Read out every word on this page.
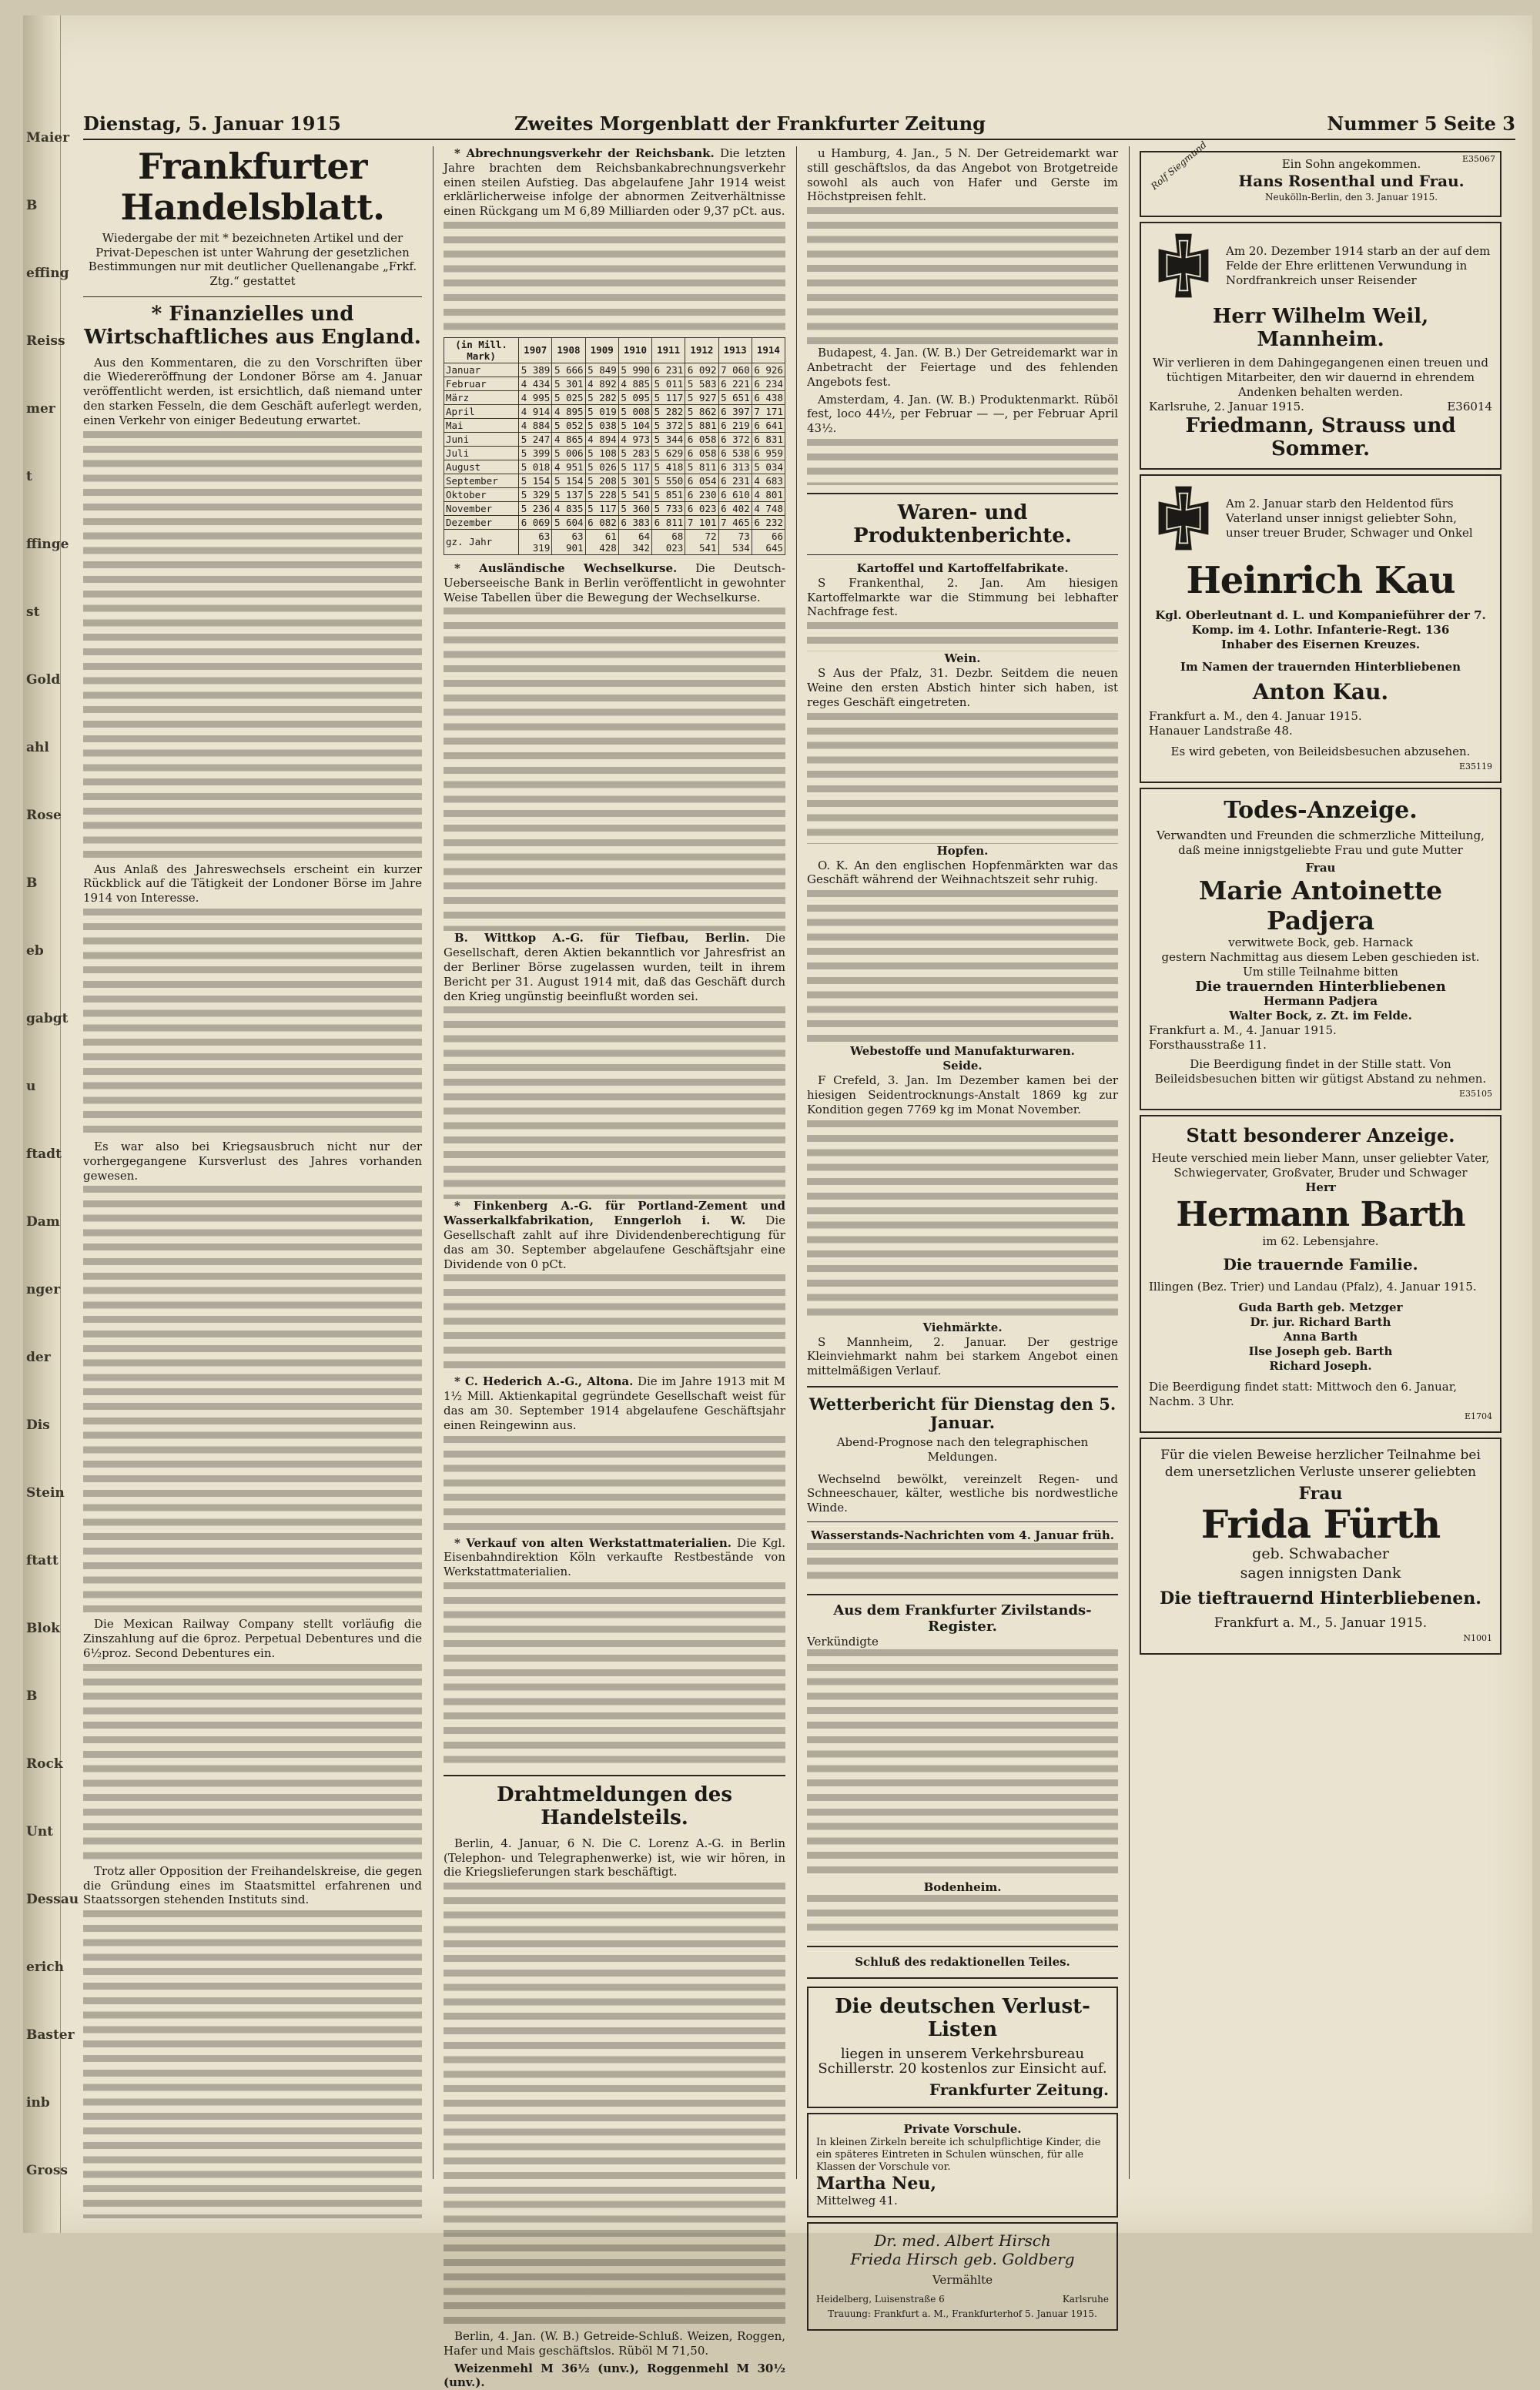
Maier
B
effing
Reiss
mer
t
ffinge
st
Gold
ahl
Rose
B
eb
gabgt
u
ftadt
Dam
nger
der
Dis
Stein
ftatt
Blok
B
Rock
Unt
Dessau
erich
Baster
inb
Gross
Dienstag, 5. Januar 1915	Zweites Morgenblatt der Frankfurter Zeitung	Nummer 5 Seite 3
Frankfurter Handelsblatt.
Wiedergabe der mit * bezeichneten Artikel und der Privat-Depeschen ist unter Wahrung der gesetzlichen Bestimmungen nur mit deutlicher Quellenangabe „Frkf. Ztg.“ gestattet
* Finanzielles und Wirtschaftliches aus England.

Aus den Kommentaren, die zu den Vorschriften über die Wiedereröffnung der Londoner Börse am 4. Januar veröffentlicht werden, ist ersichtlich, daß niemand unter den starken Fesseln, die dem Geschäft auferlegt werden, einen Verkehr von einiger Bedeutung erwartet.

Aus Anlaß des Jahreswechsels erscheint ein kurzer Rückblick auf die Tätigkeit der Londoner Börse im Jahre 1914 von Interesse.

Es war also bei Kriegsausbruch nicht nur der vorhergegangene Kursverlust des Jahres vorhanden gewesen.

Die Mexican Railway Company stellt vorläufig die Zinszahlung auf die 6proz. Perpetual Debentures und die 6½proz. Second Debentures ein.

Trotz aller Opposition der Freihandelskreise, die gegen die Gründung eines im Staatsmittel erfahrenen und Staatssorgen stehenden Instituts sind.

* Abrechnungsverkehr der Reichsbank. Die letzten Jahre brachten dem Reichsbankabrechnungsverkehr einen steilen Aufstieg. Das abgelaufene Jahr 1914 weist erklärlicherweise infolge der abnormen Zeitverhältnisse einen Rückgang um M 6,89 Milliarden oder 9,37 pCt. aus.

(in Mill. Mark)	1907	1908	1909	1910	1911	1912	1913	1914
Januar	5 389	5 666	5 849	5 990	6 231	6 092	7 060	6 926
Februar	4 434	5 301	4 892	4 885	5 011	5 583	6 221	6 234
März	4 995	5 025	5 282	5 095	5 117	5 927	5 651	6 438
April	4 914	4 895	5 019	5 008	5 282	5 862	6 397	7 171
Mai	4 884	5 052	5 038	5 104	5 372	5 881	6 219	6 641
Juni	5 247	4 865	4 894	4 973	5 344	6 058	6 372	6 831
Juli	5 399	5 006	5 108	5 283	5 629	6 058	6 538	6 959
August	5 018	4 951	5 026	5 117	5 418	5 811	6 313	5 034
September	5 154	5 154	5 208	5 301	5 550	6 054	6 231	4 683
Oktober	5 329	5 137	5 228	5 541	5 851	6 230	6 610	4 801
November	5 236	4 835	5 117	5 360	5 733	6 023	6 402	4 748
Dezember	6 069	5 604	6 082	6 383	6 811	7 101	7 465	6 232
gz. Jahr	63 319	63 901	61 428	64 342	68 023	72 541	73 534	66 645

* Ausländische Wechselkurse. Die Deutsch-Ueberseeische Bank in Berlin veröffentlicht in gewohnter Weise Tabellen über die Bewegung der Wechselkurse.

B. Wittkop A.-G. für Tiefbau, Berlin. Die Gesellschaft, deren Aktien bekanntlich vor Jahresfrist an der Berliner Börse zugelassen wurden, teilt in ihrem Bericht per 31. August 1914 mit, daß das Geschäft durch den Krieg ungünstig beeinflußt worden sei.

* Finkenberg A.-G. für Portland-Zement und Wasserkalkfabrikation, Enngerloh i. W. Die Gesellschaft zahlt auf ihre Dividendenberechtigung für das am 30. September abgelaufene Geschäftsjahr eine Dividende von 0 pCt.

* C. Hederich A.-G., Altona. Die im Jahre 1913 mit M 1½ Mill. Aktienkapital gegründete Gesellschaft weist für das am 30. September 1914 abgelaufene Geschäftsjahr einen Reingewinn aus.

* Verkauf von alten Werkstattmaterialien. Die Kgl. Eisenbahndirektion Köln verkaufte Restbestände von Werkstattmaterialien.

Drahtmeldungen des Handelsteils.

Berlin, 4. Januar, 6 N. Die C. Lorenz A.-G. in Berlin (Telephon- und Telegraphenwerke) ist, wie wir hören, in die Kriegslieferungen stark beschäftigt.

Berlin, 4. Jan. (W. B.) Getreide-Schluß. Weizen, Roggen, Hafer und Mais geschäftslos. Rüböl M 71,50.

Weizenmehl M 36½ (unv.), Roggenmehl M 30½ (unv.).

u Hamburg, 4. Jan., 5 N. Der Getreidemarkt war still geschäftslos, da das Angebot von Brotgetreide sowohl als auch von Hafer und Gerste im Höchstpreisen fehlt.

Budapest, 4. Jan. (W. B.) Der Getreidemarkt war in Anbetracht der Feiertage und des fehlenden Angebots fest.

Amsterdam, 4. Jan. (W. B.) Produktenmarkt. Rüböl fest, loco 44½, per Februar — —, per Februar April 43½.

Waren- und Produktenberichte.
Kartoffel und Kartoffelfabrikate.

S Frankenthal, 2. Jan. Am hiesigen Kartoffelmarkte war die Stimmung bei lebhafter Nachfrage fest.

Wein.

S Aus der Pfalz, 31. Dezbr. Seitdem die neuen Weine den ersten Abstich hinter sich haben, ist reges Geschäft eingetreten.

Hopfen.

O. K. An den englischen Hopfenmärkten war das Geschäft während der Weihnachtszeit sehr ruhig.

Webestoffe und Manufakturwaren.
Seide.

F Crefeld, 3. Jan. Im Dezember kamen bei der hiesigen Seidentrocknungs-Anstalt 1869 kg zur Kondition gegen 7769 kg im Monat November.

Viehmärkte.

S Mannheim, 2. Januar. Der gestrige Kleinviehmarkt nahm bei starkem Angebot einen mittelmäßigen Verlauf.

Wetterbericht für Dienstag den 5. Januar.
Abend-Prognose nach den telegraphischen Meldungen.

Wechselnd bewölkt, vereinzelt Regen- und Schneeschauer, kälter, westliche bis nordwestliche Winde.

Wasserstands-Nachrichten vom 4. Januar früh.
Aus dem Frankfurter Zivilstands-Register.
Verkündigte
Bodenheim.
Schluß des redaktionellen Teiles.
Die deutschen Verlust-Listen
liegen in unserem Verkehrsbureau Schillerstr. 20 kostenlos zur Einsicht auf.
Frankfurter Zeitung.
Private Vorschule.
In kleinen Zirkeln bereite ich schulpflichtige Kinder, die ein späteres Eintreten in Schulen wünschen, für alle Klassen der Vorschule vor.
Martha Neu,
Mittelweg 41.
Dr. med. Albert Hirsch
Frieda Hirsch geb. Goldberg
Vermählte
Heidelberg, Luisenstraße 6	Karlsruhe
Trauung: Frankfurt a. M., Frankfurterhof 5. Januar 1915.
Rolf Siegmund	E35067
Ein Sohn angekommen.
Hans Rosenthal und Frau.
Neukölln-Berlin, den 3. Januar 1915.
Am 20. Dezember 1914 starb an der auf dem Felde der Ehre erlittenen Verwundung in Nordfrankreich unser Reisender
Herr Wilhelm Weil, Mannheim.
Wir verlieren in dem Dahingegangenen einen treuen und tüchtigen Mitarbeiter, den wir dauernd in ehrendem Andenken behalten werden.
Karlsruhe, 2. Januar 1915.	E36014
Friedmann, Strauss und Sommer.
Am 2. Januar starb den Heldentod fürs Vaterland unser innigst geliebter Sohn, unser treuer Bruder, Schwager und Onkel
Heinrich Kau
Kgl. Oberleutnant d. L. und Kompanieführer der 7. Komp. im 4. Lothr. Infanterie-Regt. 136
Inhaber des Eisernen Kreuzes.
Im Namen der trauernden Hinterbliebenen
Anton Kau.
Frankfurt a. M., den 4. Januar 1915.
Hanauer Landstraße 48.
Es wird gebeten, von Beileidsbesuchen abzusehen.
E35119
Todes-Anzeige.
Verwandten und Freunden die schmerzliche Mitteilung, daß meine innigstgeliebte Frau und gute Mutter
Frau
Marie Antoinette Padjera
verwitwete Bock, geb. Harnack
gestern Nachmittag aus diesem Leben geschieden ist.
Um stille Teilnahme bitten
Die trauernden Hinterbliebenen
Hermann Padjera
Walter Bock, z. Zt. im Felde.
Frankfurt a. M., 4. Januar 1915.
Forsthausstraße 11.
Die Beerdigung findet in der Stille statt. Von Beileidsbesuchen bitten wir gütigst Abstand zu nehmen.
E35105
Statt besonderer Anzeige.
Heute verschied mein lieber Mann, unser geliebter Vater, Schwiegervater, Großvater, Bruder und Schwager
Herr
Hermann Barth
im 62. Lebensjahre.
Die trauernde Familie.
Illingen (Bez. Trier) und Landau (Pfalz), 4. Januar 1915.
Guda Barth geb. Metzger
Dr. jur. Richard Barth
Anna Barth
Ilse Joseph geb. Barth
Richard Joseph.
Die Beerdigung findet statt: Mittwoch den 6. Januar, Nachm. 3 Uhr.
E1704
Für die vielen Beweise herzlicher Teilnahme bei dem unersetzlichen Verluste unserer geliebten
Frau
Frida Fürth
geb. Schwabacher
sagen innigsten Dank
Die tieftrauernd Hinterbliebenen.
Frankfurt a. M., 5. Januar 1915.
N1001
